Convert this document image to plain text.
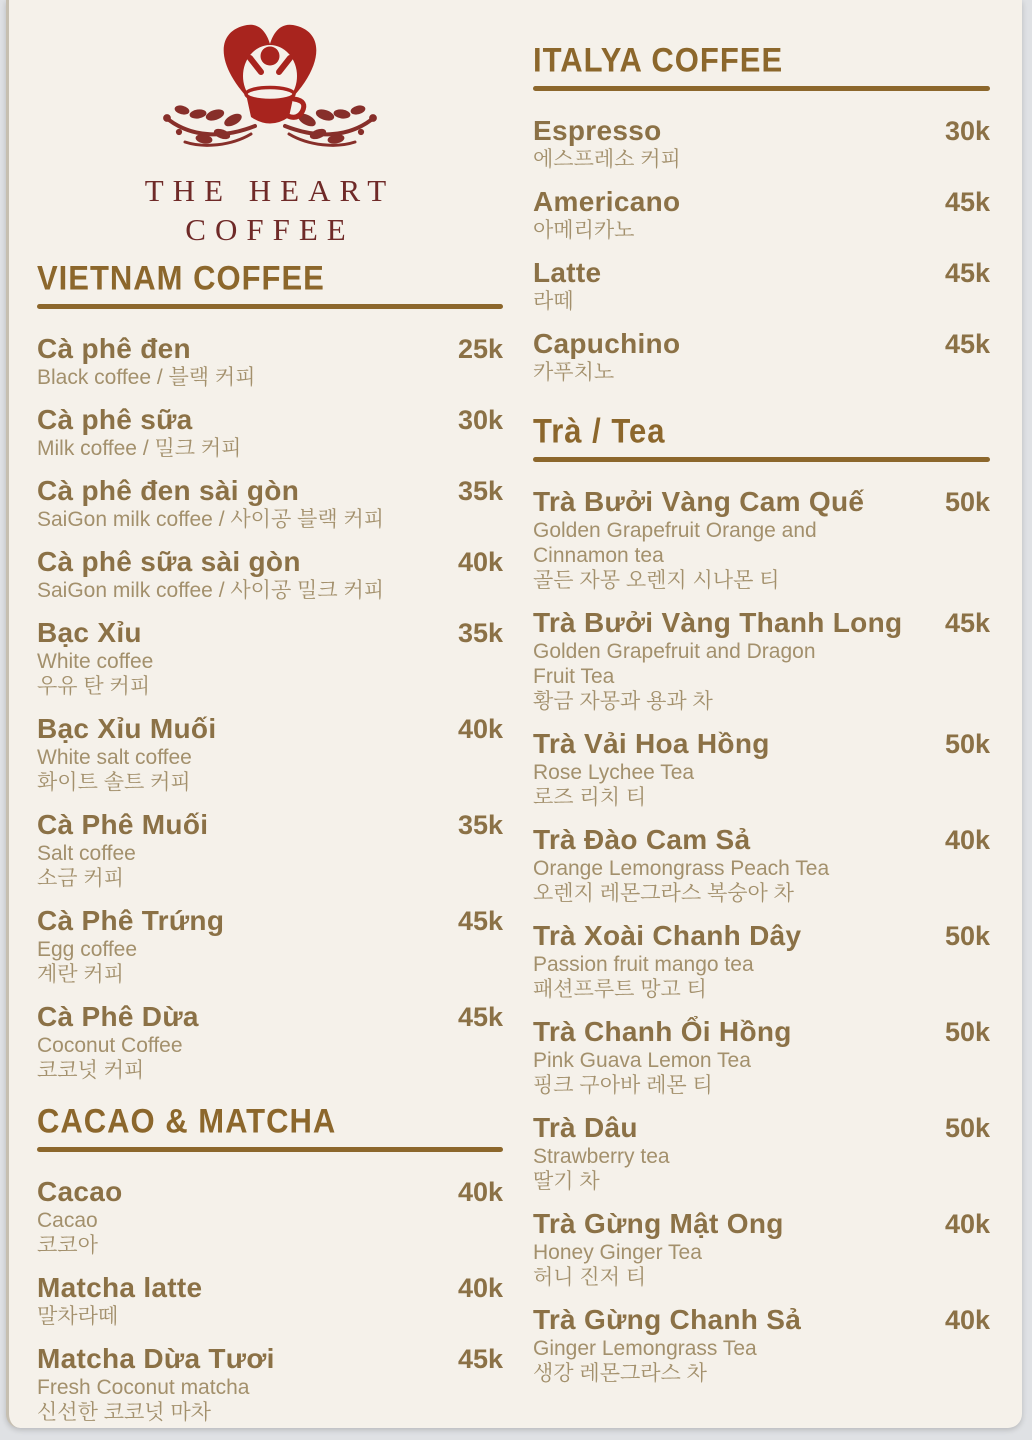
THE HEART
COFFEE
VIETNAM COFFEE
Cà phê đen
Black coffee / 블랙 커피
25k
Cà phê sữa
Milk coffee / 밀크 커피
30k
Cà phê đen sài gòn
SaiGon milk coffee / 사이공 블랙 커피
35k
Cà phê sữa sài gòn
SaiGon milk coffee / 사이공 밀크 커피
40k
Bạc Xỉu
White coffee
우유 탄 커피
35k
Bạc Xỉu Muối
White salt coffee
화이트 솔트 커피
40k
Cà Phê Muối
Salt coffee
소금 커피
35k
Cà Phê Trứng
Egg coffee
계란 커피
45k
Cà Phê Dừa
Coconut Coffee
코코넛 커피
45k
CACAO & MATCHA
Cacao
Cacao
코코아
40k
Matcha latte
말차라떼
40k
Matcha Dừa Tươi
Fresh Coconut matcha
신선한 코코넛 마차
45k
ITALYA COFFEE
Espresso
에스프레소 커피
30k
Americano
아메리카노
45k
Latte
라떼
45k
Capuchino
카푸치노
45k
Trà / Tea
Trà Bưởi Vàng Cam Quế
Golden Grapefruit Orange and
Cinnamon tea
골든 자몽 오렌지 시나몬 티
50k
Trà Bưởi Vàng Thanh Long
Golden Grapefruit and Dragon
Fruit Tea
황금 자몽과 용과 차
45k
Trà Vải Hoa Hồng
Rose Lychee Tea
로즈 리치 티
50k
Trà Đào Cam Sả
Orange Lemongrass Peach Tea
오렌지 레몬그라스 복숭아 차
40k
Trà Xoài Chanh Dây
Passion fruit mango tea
패션프루트 망고 티
50k
Trà Chanh Ổi Hồng
Pink Guava Lemon Tea
핑크 구아바 레몬 티
50k
Trà Dâu
Strawberry tea
딸기 차
50k
Trà Gừng Mật Ong
Honey Ginger Tea
허니 진저 티
40k
Trà Gừng Chanh Sả
Ginger Lemongrass Tea
생강 레몬그라스 차
40k
